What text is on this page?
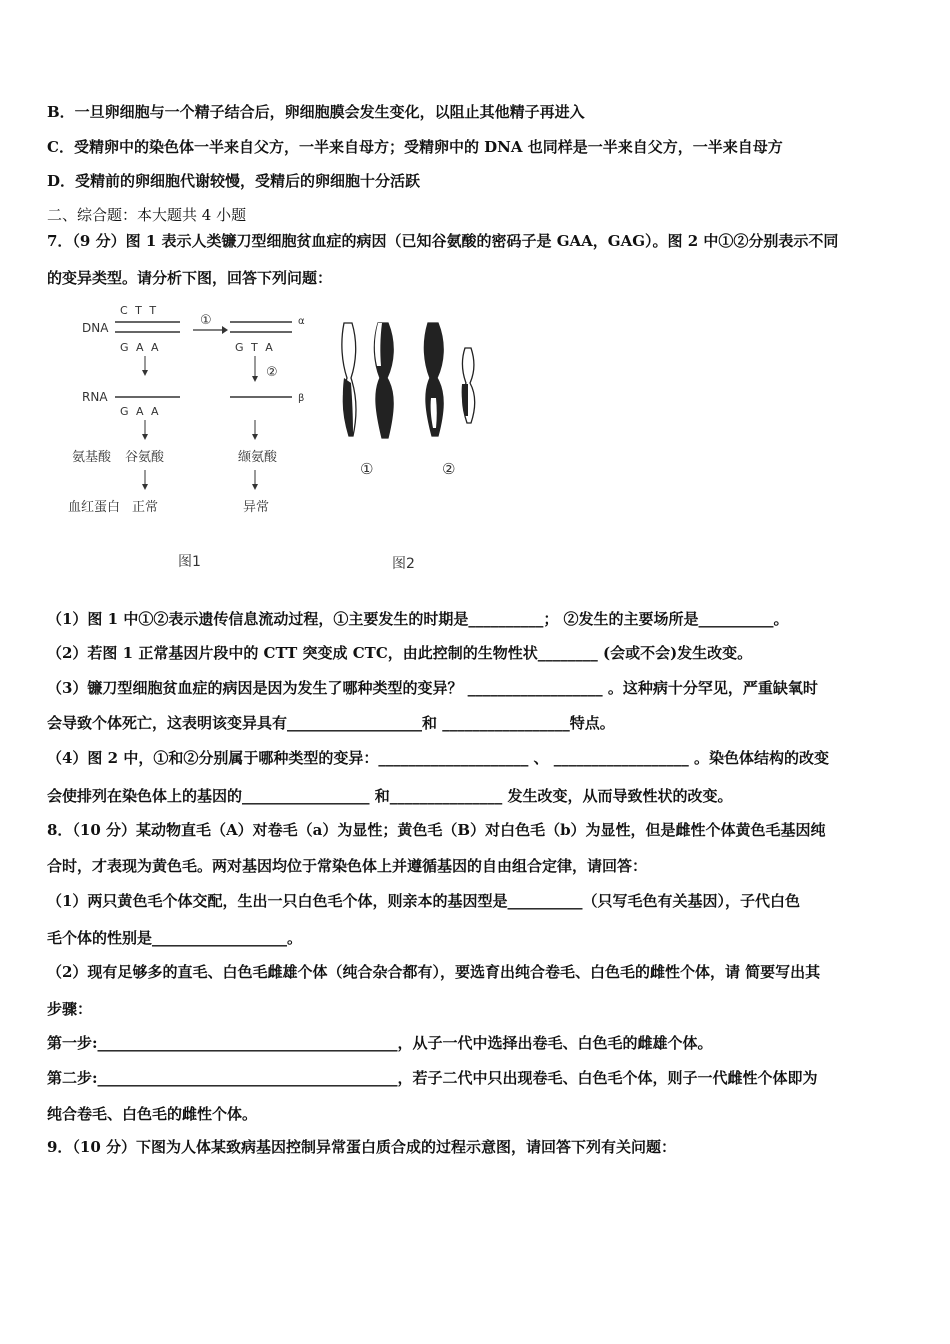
B．一旦卵细胞与一个精子结合后，卵细胞膜会发生变化，以阻止其他精子再进入
C．受精卵中的染色体一半来自父方，一半来自母方；受精卵中的 DNA 也同样是一半来自父方，一半来自母方
D．受精前的卵细胞代谢较慢，受精后的卵细胞十分活跃
二、综合题：本大题共 4 小题
7．（9 分）图 1 表示人类镰刀型细胞贫血症的病因（已知谷氨酸的密码子是 GAA，GAG）。图 2 中①②分别表示不同
的变异类型。请分析下图，回答下列问题：
DNA
C T T
G A A
①	α
G T A
②
RNA
G A A
β
氨基酸 谷氨酸	缬氨酸
血红蛋白 正常	异常
图1
①	②
图2
（1）图 1 中①②表示遗传信息流动过程，①主要发生的时期是__________； ②发生的主要场所是__________。
（2）若图 1 正常基因片段中的 CTT 突变成 CTC，由此控制的生物性状________ (会或不会)发生改变。
（3）镰刀型细胞贫血症的病因是因为发生了哪种类型的变异？ __________________ 。这种病十分罕见，严重缺氧时
会导致个体死亡，这表明该变异具有__________________和 _________________特点。
（4）图 2 中，①和②分别属于哪种类型的变异：____________________ 、 __________________ 。染色体结构的改变
会使排列在染色体上的基因的_________________ 和_______________ 发生改变，从而导致性状的改变。
8．（10 分）某动物直毛（A）对卷毛（a）为显性；黄色毛（B）对白色毛（b）为显性，但是雌性个体黄色毛基因纯
合时，才表现为黄色毛。两对基因均位于常染色体上并遵循基因的自由组合定律，请回答：
（1）两只黄色毛个体交配，生出一只白色毛个体，则亲本的基因型是__________（只写毛色有关基因），子代白色
毛个体的性别是__________________。
（2）现有足够多的直毛、白色毛雌雄个体（纯合杂合都有），要选育出纯合卷毛、白色毛的雌性个体，请 简要写出其
步骤：
第一步:________________________________________，从子一代中选择出卷毛、白色毛的雌雄个体。
第二步:________________________________________，若子二代中只出现卷毛、白色毛个体，则子一代雌性个体即为
纯合卷毛、白色毛的雌性个体。
9．（10 分）下图为人体某致病基因控制异常蛋白质合成的过程示意图，请回答下列有关问题：
